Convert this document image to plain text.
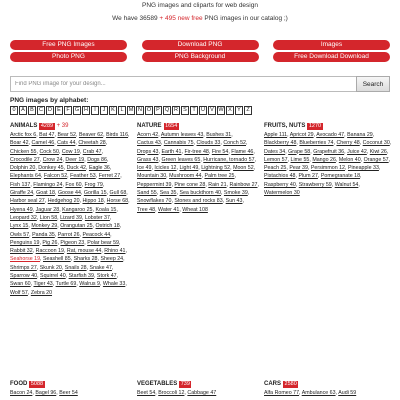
PNG images and cliparts for web design
We have 36589 + 495 new free PNG images in our catalog ;)
Free PNG Images	Download PNG	Images
Photo PNG	PNG Background	Free Download Download
Find PNG image for your design...
Search
PNG images by alphabet:
0	A B C D E F G H	I	J	K	L M N O P Q R S T U V W X Y Z
ANIMALS 4289 + 39
Arctic fox 6, Bat 47, Bear 52, Beaver 62, Birds 116, Boar 42, Camel 46, Cats 44, Cheetah 28, Chicken 55, Cock 50, Cow 19, Crab 47, Crocodile 27, Crow 24, Deer 19, Dogs 86, Dolphin 20, Donkey 45, Duck 42, Eagle 36, Elephants 64, Falcon 52, Feather 53, Ferret 27, Fish 137, Flamingo 24, Fox 60, Frog 79, Giraffe 24, Goat 18, Goose 44, Gorilla 15, Gull 68, Harbor seal 27, Hedgehog 20, Hippo 18, Horse 68, Hyena 49, Jaguar 28, Kangaroo 25, Koala 15, Leopard 32, Lion 58, Lizard 39, Lobster 37, Lynx 15, Monkey 29, Orangutan 25, Ostrich 18, Owls 57, Panda 35, Parrot 26, Peacock 44, Penguins 19, Pig 26, Pigeon 23, Polar bear 59, Rabbit 32, Raccoon 19, Rat, mouse 44, Rhino 41, Seahorse 19, Seashell 85, Sharks 28, Sheep 24, Shrimps 27, Skunk 20, Snails 28, Snake 47, Sparrow 40, Squirrel 40, Starfish 39, Stork 47, Swan 60, Tiger 43, Turtle 69, Walrus 9, Whale 33, Wolf 57, Zebra 20
NATURE 1654
Acorn 42, Autumn leaves 43, Bushes 31, Cactus 43, Cannabis 75, Clouds 33, Conch 52, Drops 43, Earth 41, Fir-tree 48, Fire 54, Flame 46, Grass 43, Green leaves 65, Hurricane, tornado 57, Ice 49, Icicles 12, Light 49, Lightning 52, Moon 52, Mountain 30, Mushroom 44, Palm tree 25, Peppermint 39, Pine cone 28, Rain 21, Rainbow 27, Sand 55, Sea 35, Sea buckthorn 40, Smoke 39, Snowflakes 70, Stones and rocks 83, Sun 43, Tree 48, Water 41, Wheat 108
FRUITS, NUTS 1270
Apple 111, Apricot 29, Avocado 47, Banana 29, Blackberry 48, Blueberries 74, Cherry 48, Coconut 30, Dates 34, Grape 58, Grapefruit 36, Juice 42, Kiwi 26, Lemon 57, Lime 55, Mango 26, Melon 40, Orange 57, Peach 25, Pear 39, Persimmon 12, Pineapple 33, Pistachios 48, Plum 27, Pomegranate 18, Raspberry 40, Strawberry 59, Walnut 54, Watermelon 30
FOOD 5088
Bacon 24, Bagel 96, Beer 54
VEGETABLES 739
Beet 54, Broccoli 12, Cabbage 47
CARS 2580
Alfa Romeo 77, Ambulance 63, Audi 59
